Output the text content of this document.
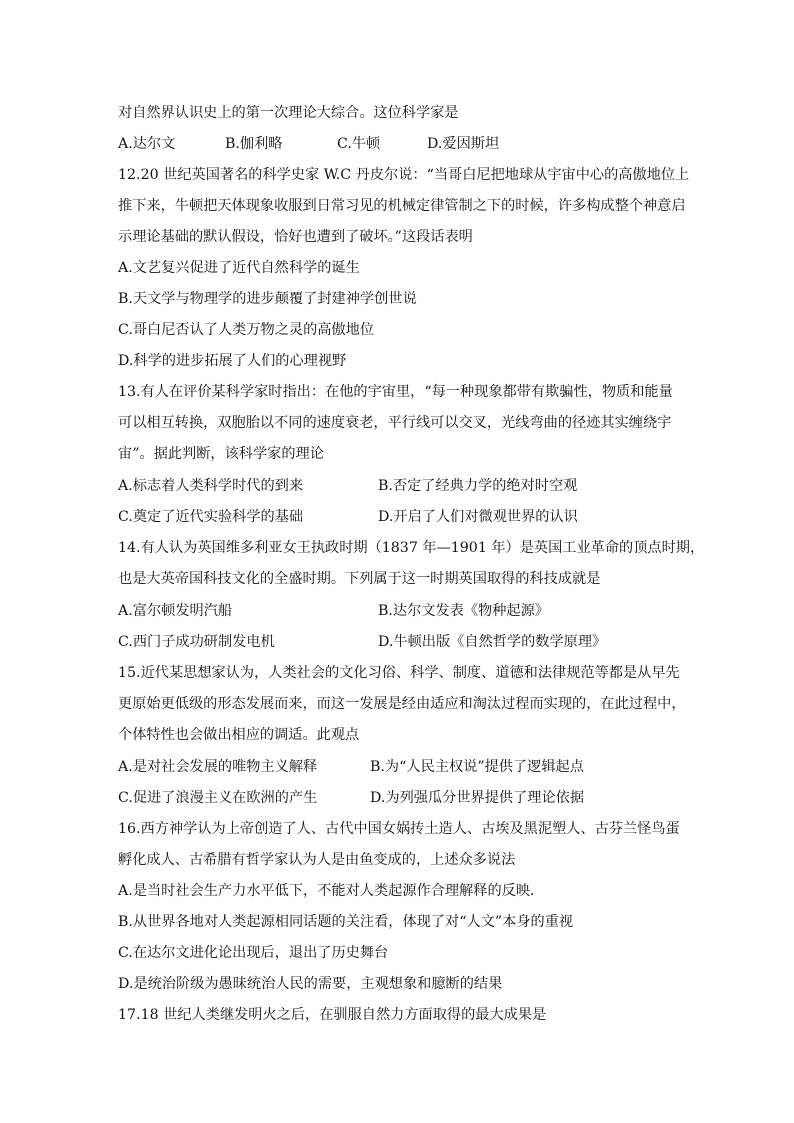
对自然界认识史上的第一次理论大综合。这位科学家是
A.达尔文	B.伽利略	C.牛顿	D.爱因斯坦
12.20 世纪英国著名的科学史家 W.C 丹皮尔说：“当哥白尼把地球从宇宙中心的高傲地位上
推下来，牛顿把天体现象收服到日常习见的机械定律管制之下的时候，许多构成整个神意启
示理论基础的默认假设，恰好也遭到了破坏。”这段话表明
A.文艺复兴促进了近代自然科学的诞生
B.天文学与物理学的进步颠覆了封建神学创世说
C.哥白尼否认了人类万物之灵的高傲地位
D.科学的进步拓展了人们的心理视野
13.有人在评价某科学家时指出：在他的宇宙里，“每一种现象都带有欺骗性，物质和能量
可以相互转换，双胞胎以不同的速度衰老，平行线可以交叉，光线弯曲的径迹其实缠绕宇
宙”。据此判断，该科学家的理论
A.标志着人类科学时代的到来	B.否定了经典力学的绝对时空观
C.奠定了近代实验科学的基础	D.开启了人们对微观世界的认识
14.有人认为英国维多利亚女王执政时期（1837 年—1901 年）是英国工业革命的顶点时期，
也是大英帝国科技文化的全盛时期。下列属于这一时期英国取得的科技成就是
A.富尔顿发明汽船	B.达尔文发表《物种起源》
C.西门子成功研制发电机	D.牛顿出版《自然哲学的数学原理》
15.近代某思想家认为，人类社会的文化习俗、科学、制度、道德和法律规范等都是从早先
更原始更低级的形态发展而来，而这一发展是经由适应和淘汰过程而实现的，在此过程中，
个体特性也会做出相应的调适。此观点
A.是对社会发展的唯物主义解释	B.为“人民主权说”提供了逻辑起点
C.促进了浪漫主义在欧洲的产生	D.为列强瓜分世界提供了理论依据
16.西方神学认为上帝创造了人、古代中国女娲抟土造人、古埃及黑泥塑人、古芬兰怪鸟蛋
孵化成人、古希腊有哲学家认为人是由鱼变成的，上述众多说法
A.是当时社会生产力水平低下，不能对人类起源作合理解释的反映．
B.从世界各地对人类起源相同话题的关注看，体现了对“人文”本身的重视
C.在达尔文进化论出现后，退出了历史舞台
D.是统治阶级为愚昧统治人民的需要，主观想象和臆断的结果
17.18 世纪人类继发明火之后，在驯服自然力方面取得的最大成果是
